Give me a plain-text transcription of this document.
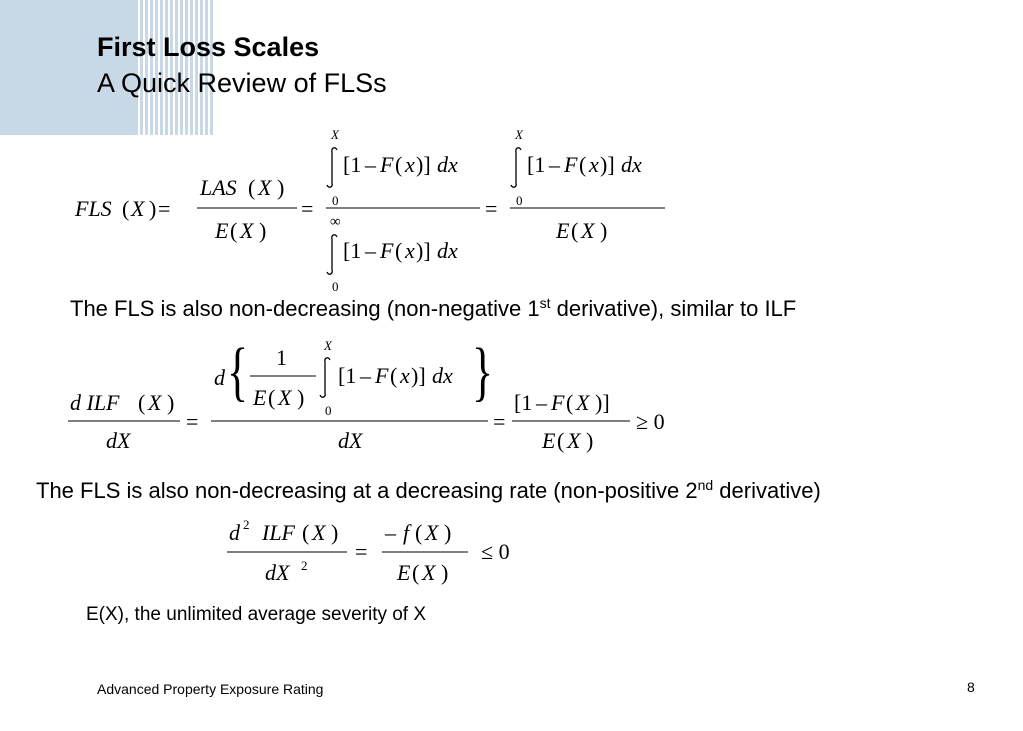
First Loss Scales
A Quick Review of FLSs
FLS ( X ) =
LAS ( X )
E ( X )
=	=
E ( X )
X
0
[1 – F ( x )] dx
∞
0
[1 – F ( x )] dx
X
0
[1 – F ( x )] dx
The FLS is also non-decreasing (non-negative 1st derivative), similar to ILF
d ILF ( X )
dX
=
d
dX
=
[1 – F ( X )]
E ( X )
≥ 0
{	}
1
E ( X )
X
0
[1 – F ( x )] dx
The FLS is also non-decreasing at a decreasing rate (non-positive 2nd derivative)
d 2 ILF ( X )
dX 2
=
– f ( X )
E ( X )
≤ 0
E(X), the unlimited average severity of X
Advanced Property Exposure Rating	8
